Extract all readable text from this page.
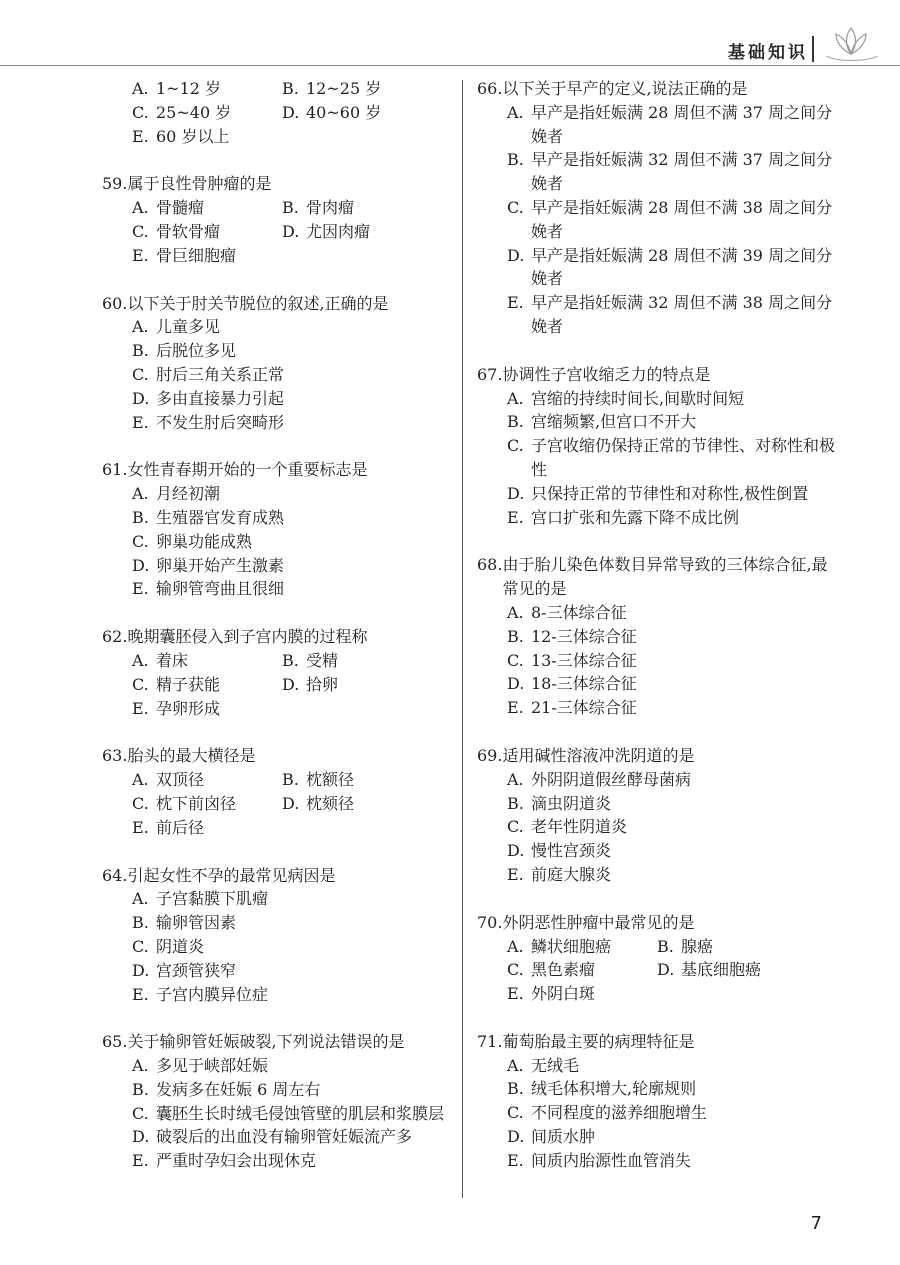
基础知识
A. 1~12 岁	B. 12~25 岁
C. 25~40 岁	D. 40~60 岁
E. 60 岁以上
59. 属于良性骨肿瘤的是
A. 骨髓瘤	B. 骨肉瘤
C. 骨软骨瘤	D. 尤因肉瘤
E. 骨巨细胞瘤
60. 以下关于肘关节脱位的叙述,正确的是
A. 儿童多见
B. 后脱位多见
C. 肘后三角关系正常
D. 多由直接暴力引起
E. 不发生肘后突畸形
61. 女性青春期开始的一个重要标志是
A. 月经初潮
B. 生殖器官发育成熟
C. 卵巢功能成熟
D. 卵巢开始产生激素
E. 输卵管弯曲且很细
62. 晚期囊胚侵入到子宫内膜的过程称
A. 着床	B. 受精
C. 精子获能	D. 拾卵
E. 孕卵形成
63. 胎头的最大横径是
A. 双顶径	B. 枕额径
C. 枕下前囟径	D. 枕颏径
E. 前后径
64. 引起女性不孕的最常见病因是
A. 子宫黏膜下肌瘤
B. 输卵管因素
C. 阴道炎
D. 宫颈管狭窄
E. 子宫内膜异位症
65. 关于输卵管妊娠破裂,下列说法错误的是
A. 多见于峡部妊娠
B. 发病多在妊娠 6 周左右
C. 囊胚生长时绒毛侵蚀管壁的肌层和浆膜层
D. 破裂后的出血没有输卵管妊娠流产多
E. 严重时孕妇会出现休克
66. 以下关于早产的定义,说法正确的是
A. 早产是指妊娠满 28 周但不满 37 周之间分娩者
B. 早产是指妊娠满 32 周但不满 37 周之间分娩者
C. 早产是指妊娠满 28 周但不满 38 周之间分娩者
D. 早产是指妊娠满 28 周但不满 39 周之间分娩者
E. 早产是指妊娠满 32 周但不满 38 周之间分娩者
67. 协调性子宫收缩乏力的特点是
A. 宫缩的持续时间长,间歇时间短
B. 宫缩频繁,但宫口不开大
C. 子宫收缩仍保持正常的节律性、对称性和极性
D. 只保持正常的节律性和对称性,极性倒置
E. 宫口扩张和先露下降不成比例
68. 由于胎儿染色体数目异常导致的三体综合征,最常见的是
A. 8-三体综合征
B. 12-三体综合征
C. 13-三体综合征
D. 18-三体综合征
E. 21-三体综合征
69. 适用碱性溶液冲洗阴道的是
A. 外阴阴道假丝酵母菌病
B. 滴虫阴道炎
C. 老年性阴道炎
D. 慢性宫颈炎
E. 前庭大腺炎
70. 外阴恶性肿瘤中最常见的是
A. 鳞状细胞癌	B. 腺癌
C. 黑色素瘤	D. 基底细胞癌
E. 外阴白斑
71. 葡萄胎最主要的病理特征是
A. 无绒毛
B. 绒毛体积增大,轮廓规则
C. 不同程度的滋养细胞增生
D. 间质水肿
E. 间质内胎源性血管消失
7
